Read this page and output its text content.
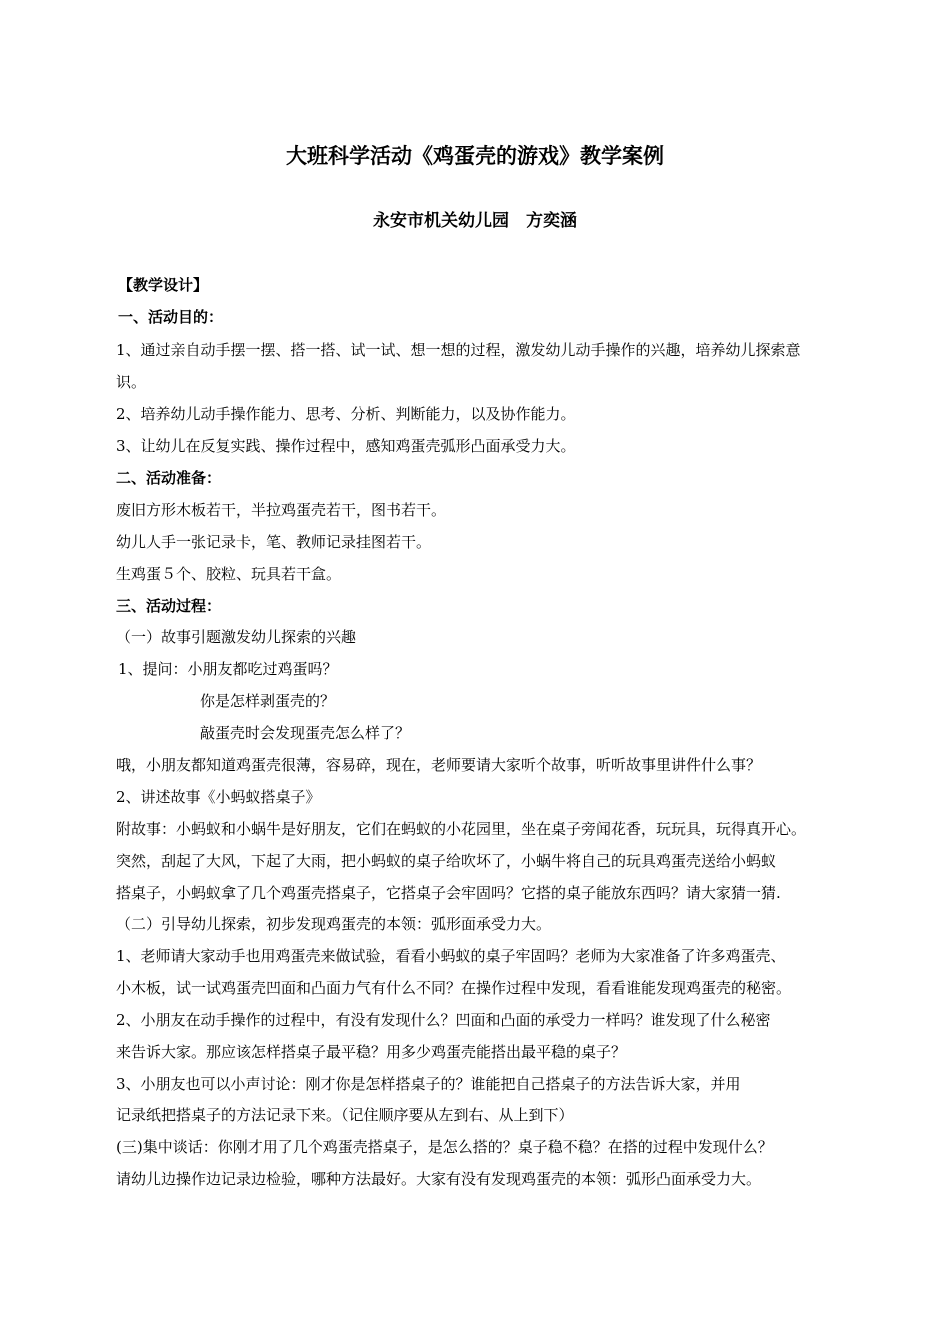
大班科学活动《鸡蛋壳的游戏》教学案例
永安市机关幼儿园　方奕涵
【教学设计】
一、活动目的：
1、通过亲自动手摆一摆、搭一搭、试一试、想一想的过程，激发幼儿动手操作的兴趣，培养幼儿探索意
识。
2、培养幼儿动手操作能力、思考、分析、判断能力，以及协作能力。
3、让幼儿在反复实践、操作过程中，感知鸡蛋壳弧形凸面承受力大。
二、活动准备：
废旧方形木板若干，半拉鸡蛋壳若干，图书若干。
幼儿人手一张记录卡，笔、教师记录挂图若干。
生鸡蛋５个、胶粒、玩具若干盒。
三、活动过程：
（一）故事引题激发幼儿探索的兴趣
1、提问：小朋友都吃过鸡蛋吗？
你是怎样剥蛋壳的？
敲蛋壳时会发现蛋壳怎么样了？
哦，小朋友都知道鸡蛋壳很薄，容易碎，现在，老师要请大家听个故事，听听故事里讲件什么事？
2、讲述故事《小蚂蚁搭桌子》
附故事：小蚂蚁和小蜗牛是好朋友，它们在蚂蚁的小花园里，坐在桌子旁闻花香，玩玩具，玩得真开心。
突然，刮起了大风，下起了大雨，把小蚂蚁的桌子给吹坏了，小蜗牛将自己的玩具鸡蛋壳送给小蚂蚁
搭桌子，小蚂蚁拿了几个鸡蛋壳搭桌子，它搭桌子会牢固吗？它搭的桌子能放东西吗？请大家猜一猜.
（二）引导幼儿探索，初步发现鸡蛋壳的本领：弧形面承受力大。
1、老师请大家动手也用鸡蛋壳来做试验，看看小蚂蚁的桌子牢固吗？老师为大家准备了许多鸡蛋壳、
小木板，试一试鸡蛋壳凹面和凸面力气有什么不同？在操作过程中发现，看看谁能发现鸡蛋壳的秘密。
2、小朋友在动手操作的过程中，有没有发现什么？凹面和凸面的承受力一样吗？谁发现了什么秘密
来告诉大家。那应该怎样搭桌子最平稳？用多少鸡蛋壳能搭出最平稳的桌子？
3、小朋友也可以小声讨论：刚才你是怎样搭桌子的？谁能把自己搭桌子的方法告诉大家，并用
记录纸把搭桌子的方法记录下来。（记住顺序要从左到右、从上到下）
(三)集中谈话：你刚才用了几个鸡蛋壳搭桌子，是怎么搭的？桌子稳不稳？在搭的过程中发现什么？
请幼儿边操作边记录边检验，哪种方法最好。大家有没有发现鸡蛋壳的本领：弧形凸面承受力大。
